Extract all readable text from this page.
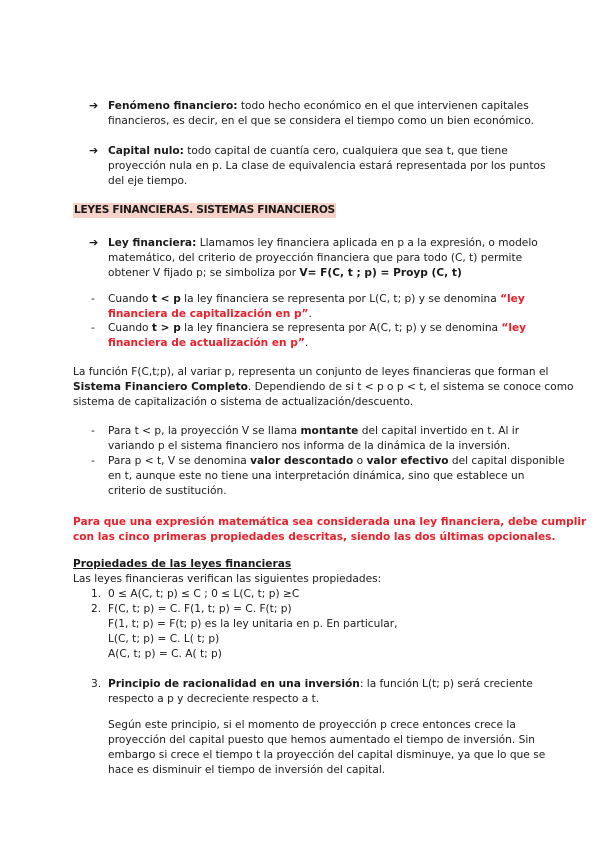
➔ Fenómeno financiero: todo hecho económico en el que intervienen capitales
financieros, es decir, en el que se considera el tiempo como un bien económico.
➔ Capital nulo: todo capital de cuantía cero, cualquiera que sea t, que tiene
proyección nula en p. La clase de equivalencia estará representada por los puntos
del eje tiempo.
LEYES FINANCIERAS. SISTEMAS FINANCIEROS
➔ Ley financiera: Llamamos ley financiera aplicada en p a la expresión, o modelo
matemático, del criterio de proyección financiera que para todo (C, t) permite
obtener V fijado p; se simboliza por V= F(C, t ; p) = Proyp (C, t)
- Cuando t < p la ley financiera se representa por L(C, t; p) y se denomina “ley
financiera de capitalización en p”.
- Cuando t > p la ley financiera se representa por A(C, t; p) y se denomina “ley
financiera de actualización en p”.
La función F(C,t;p), al variar p, representa un conjunto de leyes financieras que forman el
Sistema Financiero Completo. Dependiendo de si t < p o p < t, el sistema se conoce como
sistema de capitalización o sistema de actualización/descuento.
- Para t < p, la proyección V se llama montante del capital invertido en t. Al ir
variando p el sistema financiero nos informa de la dinámica de la inversión.
- Para p < t, V se denomina valor descontado o valor efectivo del capital disponible
en t, aunque este no tiene una interpretación dinámica, sino que establece un
criterio de sustitución.
Para que una expresión matemática sea considerada una ley financiera, debe cumplir
con las cinco primeras propiedades descritas, siendo las dos últimas opcionales.
Propiedades de las leyes financieras
Las leyes financieras verifican las siguientes propiedades:
1. 0 ≤ A(C, t; p) ≤ C ; 0 ≤ L(C, t; p) ≥C
2. F(C, t; p) = C. F(1, t; p) = C. F(t; p)
F(1, t; p) = F(t; p) es la ley unitaria en p. En particular,
L(C, t; p) = C. L( t; p)
A(C, t; p) = C. A( t; p)
3. Principio de racionalidad en una inversión: la función L(t; p) será creciente
respecto a p y decreciente respecto a t.
Según este principio, si el momento de proyección p crece entonces crece la
proyección del capital puesto que hemos aumentado el tiempo de inversión. Sin
embargo si crece el tiempo t la proyección del capital disminuye, ya que lo que se
hace es disminuir el tiempo de inversión del capital.
